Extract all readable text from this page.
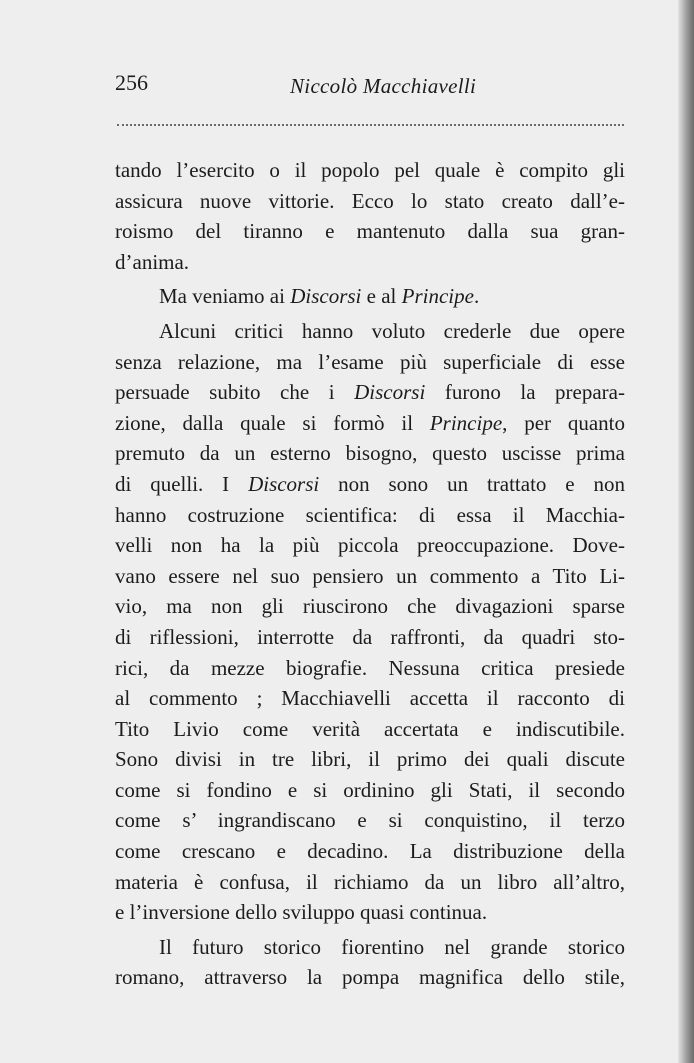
256	Niccolò Macchiavelli

tando l’esercito o il popolo pel quale è compito gli

assicura nuove vittorie. Ecco lo stato creato dall’e-

roismo del tiranno e mantenuto dalla sua gran-

d’anima.

Ma veniamo ai Discorsi e al Principe.

Alcuni critici hanno voluto crederle due opere

senza relazione, ma l’esame più superficiale di esse

persuade subito che i Discorsi furono la prepara-

zione, dalla quale si formò il Principe, per quanto

premuto da un esterno bisogno, questo uscisse prima

di quelli. I Discorsi non sono un trattato e non

hanno costruzione scientifica: di essa il Macchia-

velli non ha la più piccola preoccupazione. Dove-

vano essere nel suo pensiero un commento a Tito Li-

vio, ma non gli riuscirono che divagazioni sparse

di riflessioni, interrotte da raffronti, da quadri sto-

rici, da mezze biografie. Nessuna critica presiede

al commento ; Macchiavelli accetta il racconto di

Tito Livio come verità accertata e indiscutibile.

Sono divisi in tre libri, il primo dei quali discute

come si fondino e si ordinino gli Stati, il secondo

come s’ ingrandiscano e si conquistino, il terzo

come crescano e decadino. La distribuzione della

materia è confusa, il richiamo da un libro all’altro,

e l’inversione dello sviluppo quasi continua.

Il futuro storico fiorentino nel grande storico

romano, attraverso la pompa magnifica dello stile,
